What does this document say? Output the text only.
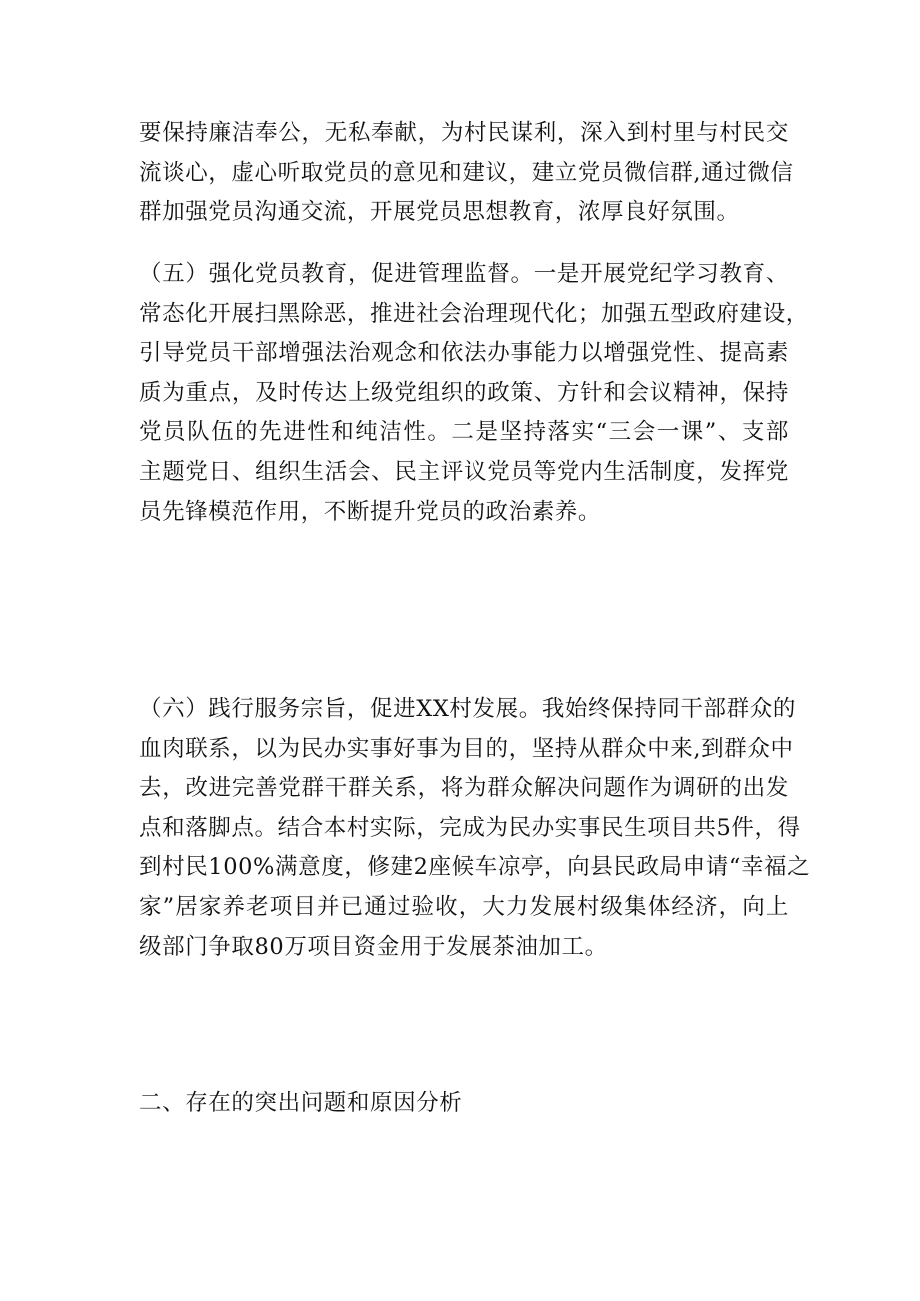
要保持廉洁奉公，无私奉献，为村民谋利，深入到村里与村民交
流谈心，虚心听取党员的意见和建议，建立党员微信群,通过微信
群加强党员沟通交流，开展党员思想教育，浓厚良好氛围。

（五）强化党员教育，促进管理监督。一是开展党纪学习教育、
常态化开展扫黑除恶，推进社会治理现代化；加强五型政府建设，
引导党员干部增强法治观念和依法办事能力以增强党性、提高素
质为重点，及时传达上级党组织的政策、方针和会议精神，保持
党员队伍的先进性和纯洁性。二是坚持落实“三会一课”、支部
主题党日、组织生活会、民主评议党员等党内生活制度，发挥党
员先锋模范作用，不断提升党员的政治素养。

（六）践行服务宗旨，促进XX村发展。我始终保持同干部群众的
血肉联系，以为民办实事好事为目的，坚持从群众中来,到群众中
去，改进完善党群干群关系，将为群众解决问题作为调研的出发
点和落脚点。结合本村实际，完成为民办实事民生项目共5件，得
到村民100%满意度，修建2座候车凉亭，向县民政局申请“幸福之
家”居家养老项目并已通过验收，大力发展村级集体经济，向上
级部门争取80万项目资金用于发展茶油加工。

二、存在的突出问题和原因分析
